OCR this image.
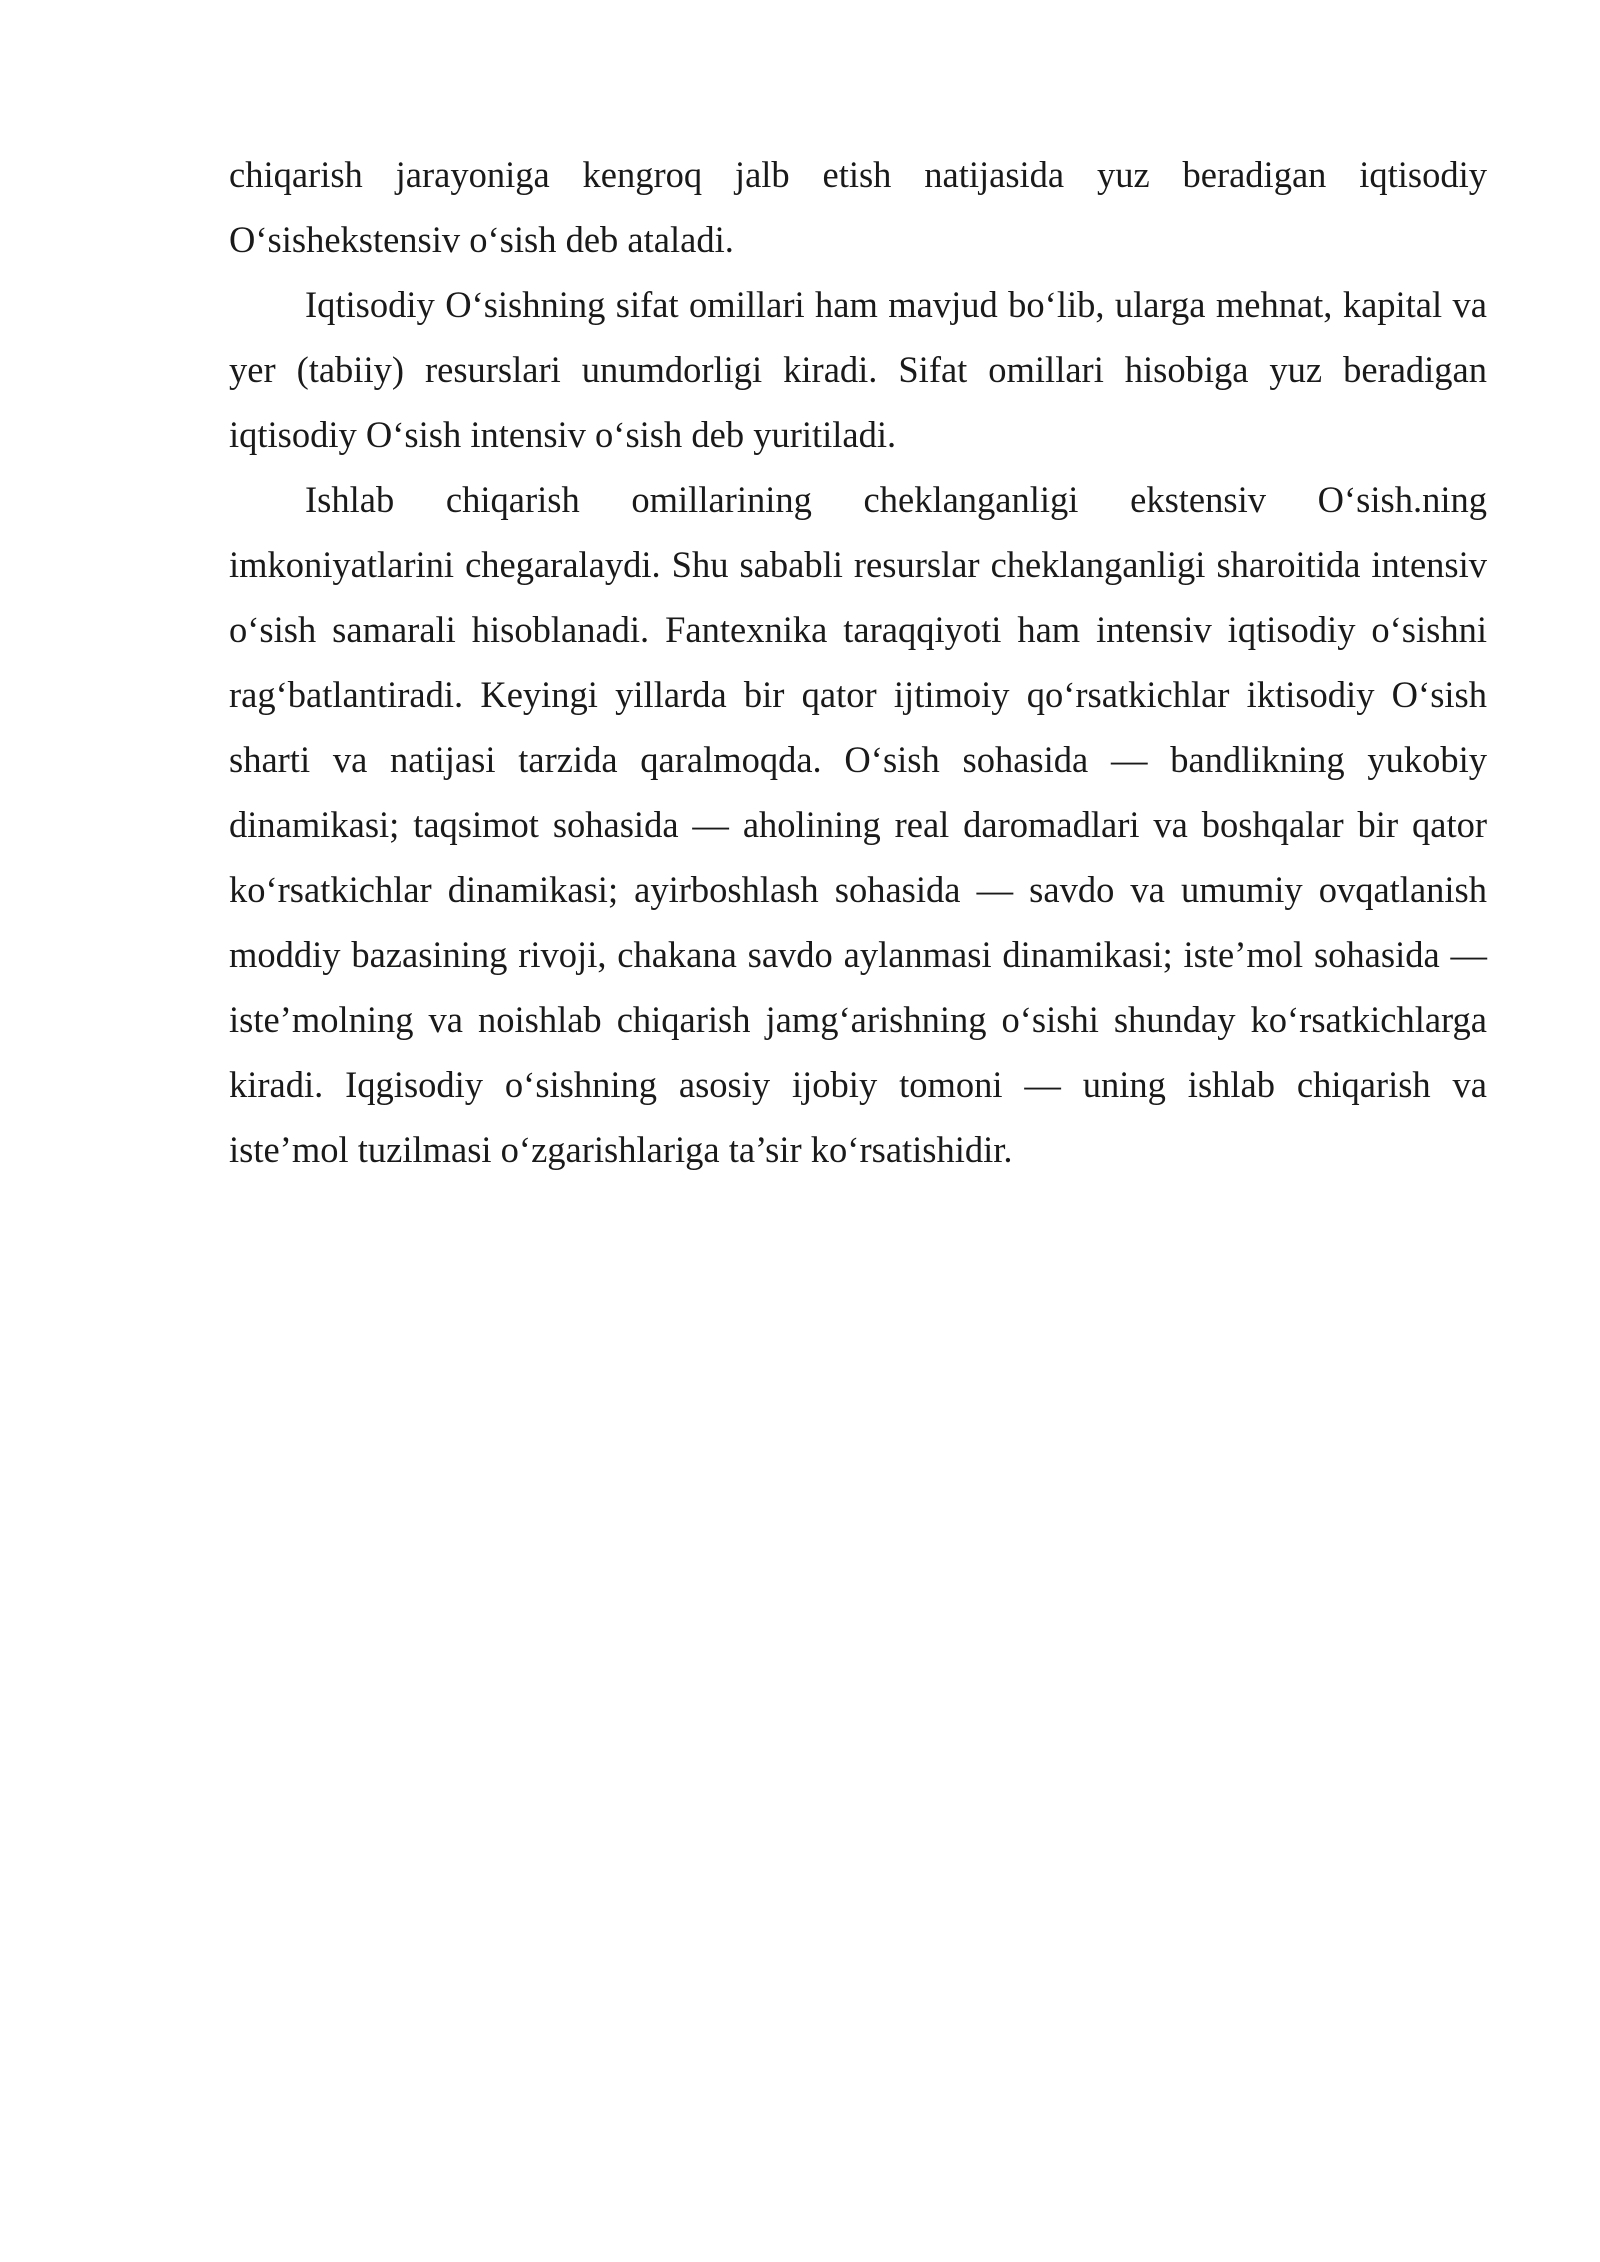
chiqarish jarayoniga kengroq jalb etish natijasida yuz beradigan iqtisodiy O‘sishekstensiv o‘sish deb ataladi.

Iqtisodiy O‘sishning sifat omillari ham mavjud bo‘lib, ularga mehnat, kapital va yer (tabiiy) resurslari unumdorligi kiradi. Sifat omillari hisobiga yuz beradigan iqtisodiy O‘sish intensiv o‘sish deb yuritiladi.

Ishlab chiqarish omillarining cheklanganligi ekstensiv O‘sish.ning imkoniyatlarini chegaralaydi. Shu sababli resurslar cheklanganligi sharoitida intensiv o‘sish samarali hisoblanadi. Fantexnika taraqqiyoti ham intensiv iqtisodiy o‘sishni rag‘batlantiradi. Keyingi yillarda bir qator ijtimoiy qo‘rsatkichlar iktisodiy O‘sish sharti va natijasi tarzida qaralmoqda. O‘sish sohasida — bandlikning yukobiy dinamikasi; taqsimot sohasida — aholining real daromadlari va boshqalar bir qator ko‘rsatkichlar dinamikasi; ayirboshlash sohasida — savdo va umumiy ovqatlanish moddiy bazasining rivoji, chakana savdo aylanmasi dinamikasi; iste’mol sohasida — iste’molning va noishlab chiqarish jamg‘arishning o‘sishi shunday ko‘rsatkichlarga kiradi. Iqgisodiy o‘sishning asosiy ijobiy tomoni — uning ishlab chiqarish va iste’mol tuzilmasi o‘zgarishlariga ta’sir ko‘rsatishidir.
